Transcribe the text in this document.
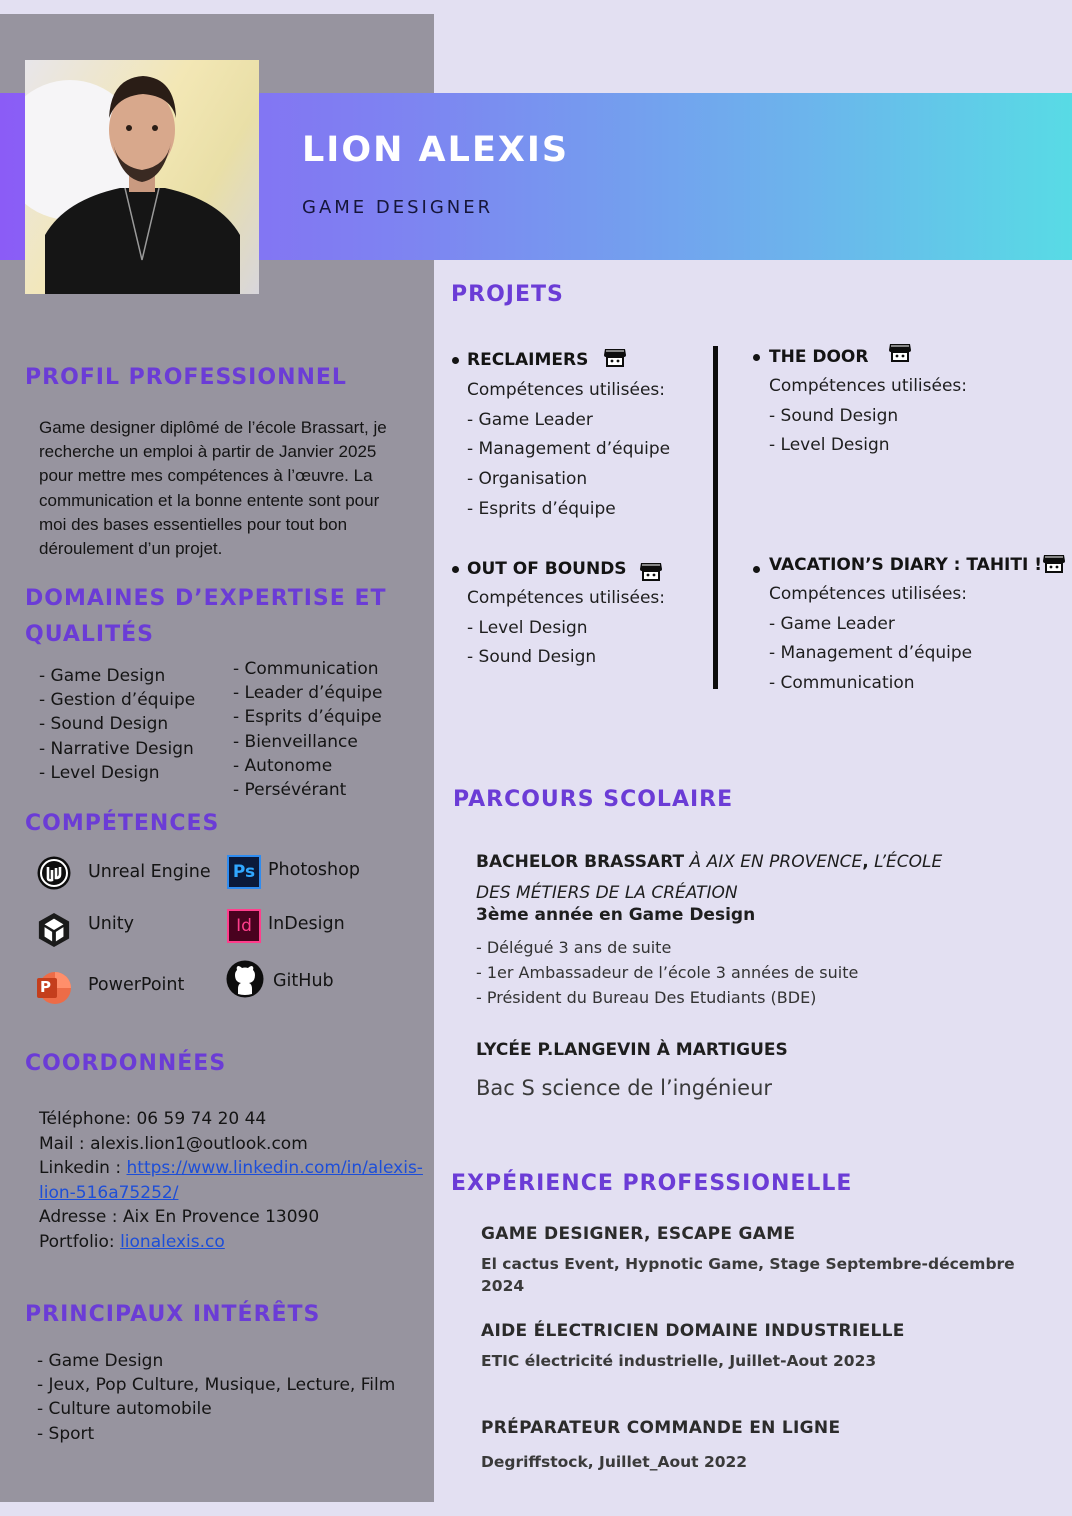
LION ALEXIS
GAME DESIGNER
PROFIL PROFESSIONNEL
Game designer diplômé de l’école Brassart, je
recherche un emploi à partir de Janvier 2025
pour mettre mes compétences à l’œuvre. La
communication et la bonne entente sont pour
moi des bases essentielles pour tout bon
déroulement d’un projet.
DOMAINES D’EXPERTISE ET
QUALITÉS
- Game Design
- Gestion d’équipe
- Sound Design
- Narrative Design
- Level Design
- Communication
- Leader d’équipe
- Esprits d’équipe
- Bienveillance
- Autonome
- Persévérant
COMPÉTENCES
Unreal Engine	Ps Photoshop
Unity	Id InDesign
P PowerPoint	GitHub
COORDONNÉES
Téléphone: 06 59 74 20 44
Mail : alexis.lion1@outlook.com
Linkedin : https://www.linkedin.com/in/alexis-
lion-516a75252/
Adresse : Aix En Provence 13090
Portfolio: lionalexis.co
PRINCIPAUX INTÉRÊTS
- Game Design
- Jeux, Pop Culture, Musique, Lecture, Film
- Culture automobile
- Sport
PROJETS
RECLAIMERS
Compétences utilisées:
- Game Leader
- Management d’équipe
- Organisation
- Esprits d’équipe
THE DOOR
Compétences utilisées:
- Sound Design
- Level Design
OUT OF BOUNDS
Compétences utilisées:
- Level Design
- Sound Design
VACATION’S DIARY : TAHITI !
Compétences utilisées:
- Game Leader
- Management d’équipe
- Communication
PARCOURS SCOLAIRE
BACHELOR BRASSART À AIX EN PROVENCE, L’ÉCOLE
DES MÉTIERS DE LA CRÉATION
3ème année en Game Design
- Délégué 3 ans de suite
- 1er Ambassadeur de l’école 3 années de suite
- Président du Bureau Des Etudiants (BDE)
LYCÉE P.LANGEVIN À MARTIGUES
Bac S science de l’ingénieur
EXPÉRIENCE PROFESSIONELLE
GAME DESIGNER, ESCAPE GAME
El cactus Event, Hypnotic Game, Stage Septembre-décembre
2024
AIDE ÉLECTRICIEN DOMAINE INDUSTRIELLE
ETIC électricité industrielle, Juillet-Aout 2023
PRÉPARATEUR COMMANDE EN LIGNE
Degriffstock, Juillet_Aout 2022
